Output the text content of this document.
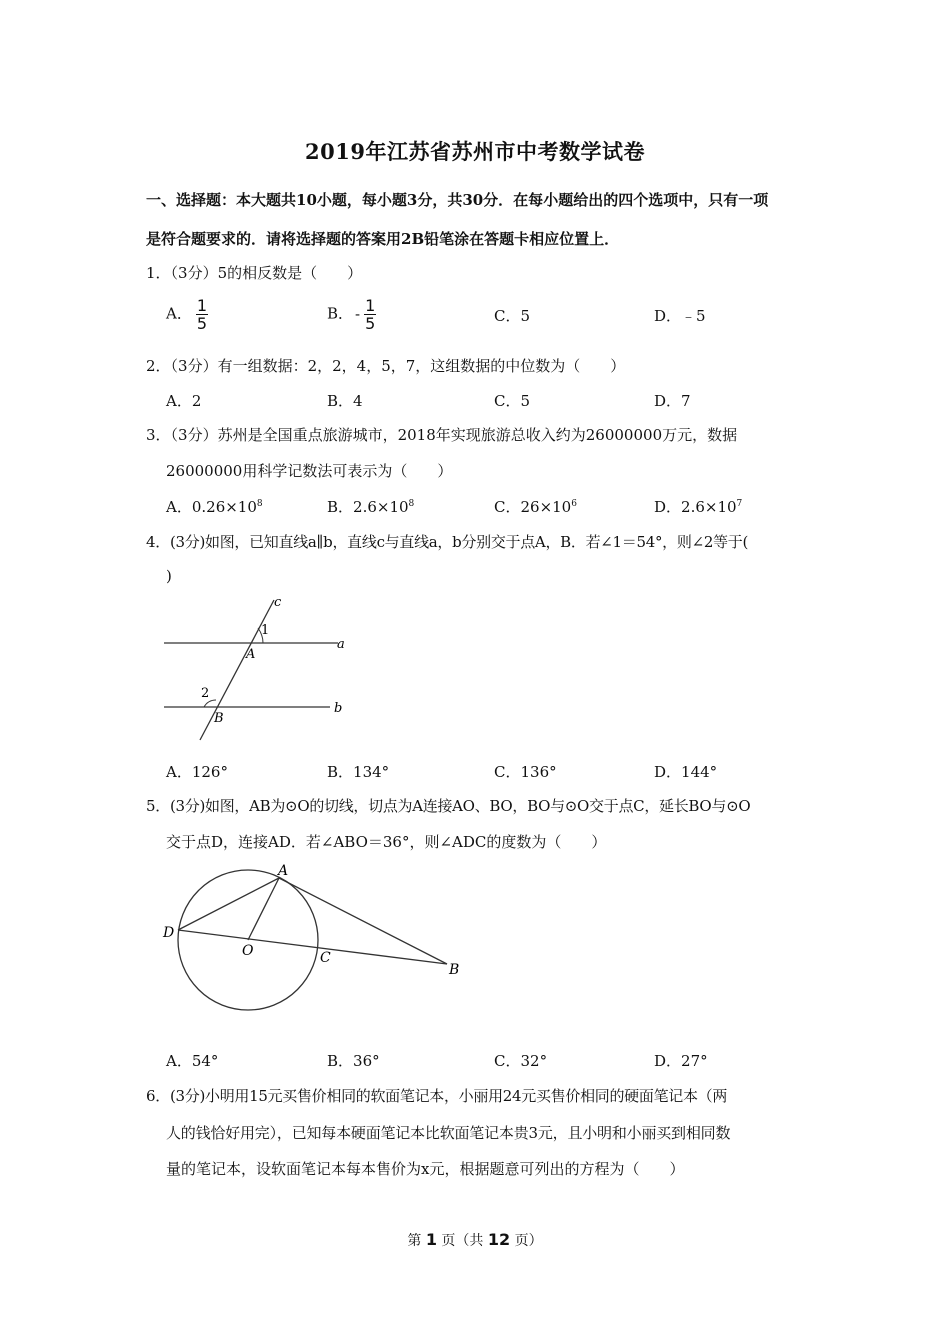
2019年江苏省苏州市中考数学试卷
一、选择题：本大题共10小题，每小题3分，共30分．在每小题给出的四个选项中，只有一项
是符合题要求的．请将选择题的答案用2B铅笔涂在答题卡相应位置上．
1．（3分）5的相反数是（　　）
A． $\frac{1}{5}$	B． - $\frac{1}{5}$	C．5	D．﹣5
2．（3分）有一组数据：2，2，4，5，7，这组数据的中位数为（　　）
A．2	B．4	C．5	D．7
3．（3分）苏州是全国重点旅游城市，2018年实现旅游总收入约为26000000万元，数据
26000000用科学记数法可表示为（　　）
A．$0.26\times 10^8$	B．$2.6\times 10^8$	C．$26\times 10^6$	D．$2.6\times 10^7$
4．(3分)如图，已知直线a∥b，直线c与直线a，b分别交于点A，B．若∠1＝54°，则∠2等于(
)
c
a
b
A
B
1
2
A．126°	B．134°	C．136°	D．144°
5．(3分)如图，AB为⊙O的切线，切点为A连接AO、BO，BO与⊙O交于点C，延长BO与⊙O
交于点D，连接AD．若∠ABO＝36°，则∠ADC的度数为（　　）
A
B
C
D
O
A．54°	B．36°	C．32°	D．27°
6．(3分)小明用15元买售价相同的软面笔记本，小丽用24元买售价相同的硬面笔记本（两
人的钱恰好用完），已知每本硬面笔记本比软面笔记本贵3元，且小明和小丽买到相同数
量的笔记本，设软面笔记本每本售价为x元，根据题意可列出的方程为（　　）
第 1 页（共 12 页）
